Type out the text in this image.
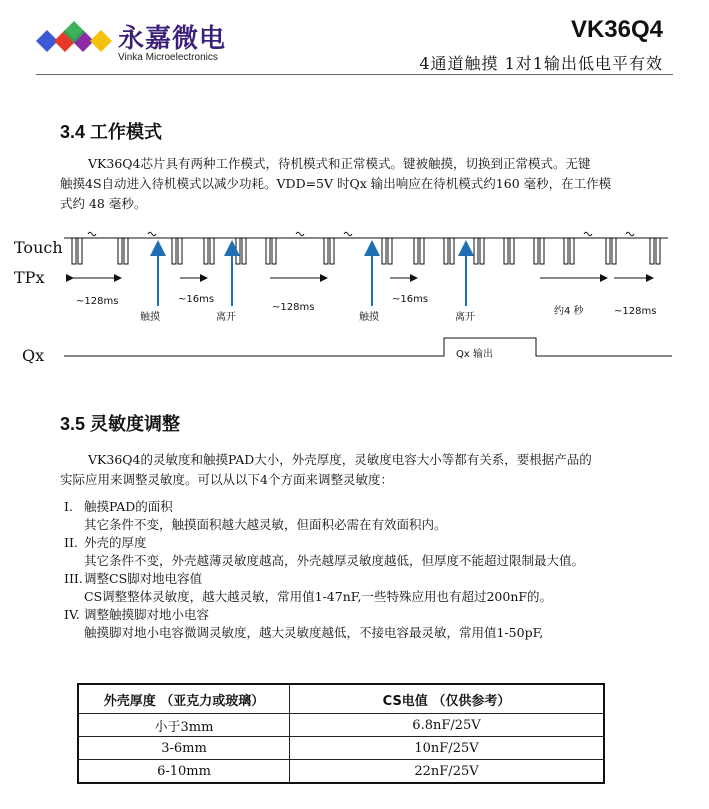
永嘉微电
Vinka Microelectronics
VK36Q4
4通道触摸 1对1输出低电平有效
3.4 工作模式
VK36Q4芯片具有两种工作模式，待机模式和正常模式。键被触摸，切换到正常模式。无键
触摸4S自动进入待机模式以减少功耗。VDD=5V 时Qx 输出响应在待机模式约160 毫秒，在工作模
式约 48 毫秒。
Touch
TPx
Qx
~128ms	~16ms
~128ms
~16ms
约4 秒	~128ms
触摸	离开	触摸	离开
Qx 输出
3.5 灵敏度调整
VK36Q4的灵敏度和触摸PAD大小，外壳厚度，灵敏度电容大小等都有关系，要根据产品的
实际应用来调整灵敏度。可以从以下4个方面来调整灵敏度：
I. 触摸PAD的面积
其它条件不变，触摸面积越大越灵敏，但面积必需在有效面积内。
II. 外壳的厚度
其它条件不变，外壳越薄灵敏度越高，外壳越厚灵敏度越低，但厚度不能超过限制最大值。
III.调整CS脚对地电容值
CS调整整体灵敏度，越大越灵敏，常用值1-47nF,一些特殊应用也有超过200nF的。
IV. 调整触摸脚对地小电容
触摸脚对地小电容微调灵敏度，越大灵敏度越低，不接电容最灵敏，常用值1-50pF,
外壳厚度 （亚克力或玻璃）	CS电值 （仅供参考）
小于3mm	6.8nF/25V
3-6mm	10nF/25V
6-10mm	22nF/25V
